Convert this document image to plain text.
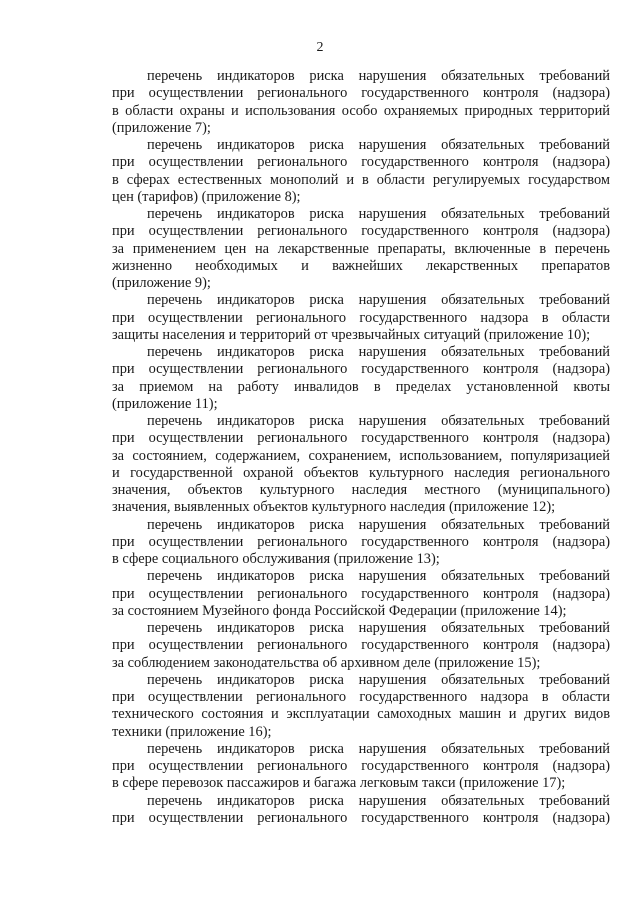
2
перечень индикаторов риска нарушения обязательных требований
при осуществлении регионального государственного контроля (надзора)
в области охраны и использования особо охраняемых природных территорий
(приложение 7);
перечень индикаторов риска нарушения обязательных требований
при осуществлении регионального государственного контроля (надзора)
в сферах естественных монополий и в области регулируемых государством
цен (тарифов) (приложение 8);
перечень индикаторов риска нарушения обязательных требований
при осуществлении регионального государственного контроля (надзора)
за применением цен на лекарственные препараты, включенные в перечень
жизненно необходимых и важнейших лекарственных препаратов
(приложение 9);
перечень индикаторов риска нарушения обязательных требований
при осуществлении регионального государственного надзора в области
защиты населения и территорий от чрезвычайных ситуаций (приложение 10);
перечень индикаторов риска нарушения обязательных требований
при осуществлении регионального государственного контроля (надзора)
за приемом на работу инвалидов в пределах установленной квоты
(приложение 11);
перечень индикаторов риска нарушения обязательных требований
при осуществлении регионального государственного контроля (надзора)
за состоянием, содержанием, сохранением, использованием, популяризацией
и государственной охраной объектов культурного наследия регионального
значения, объектов культурного наследия местного (муниципального)
значения, выявленных объектов культурного наследия (приложение 12);
перечень индикаторов риска нарушения обязательных требований
при осуществлении регионального государственного контроля (надзора)
в сфере социального обслуживания (приложение 13);
перечень индикаторов риска нарушения обязательных требований
при осуществлении регионального государственного контроля (надзора)
за состоянием Музейного фонда Российской Федерации (приложение 14);
перечень индикаторов риска нарушения обязательных требований
при осуществлении регионального государственного контроля (надзора)
за соблюдением законодательства об архивном деле (приложение 15);
перечень индикаторов риска нарушения обязательных требований
при осуществлении регионального государственного надзора в области
технического состояния и эксплуатации самоходных машин и других видов
техники (приложение 16);
перечень индикаторов риска нарушения обязательных требований
при осуществлении регионального государственного контроля (надзора)
в сфере перевозок пассажиров и багажа легковым такси (приложение 17);
перечень индикаторов риска нарушения обязательных требований
при осуществлении регионального государственного контроля (надзора)
